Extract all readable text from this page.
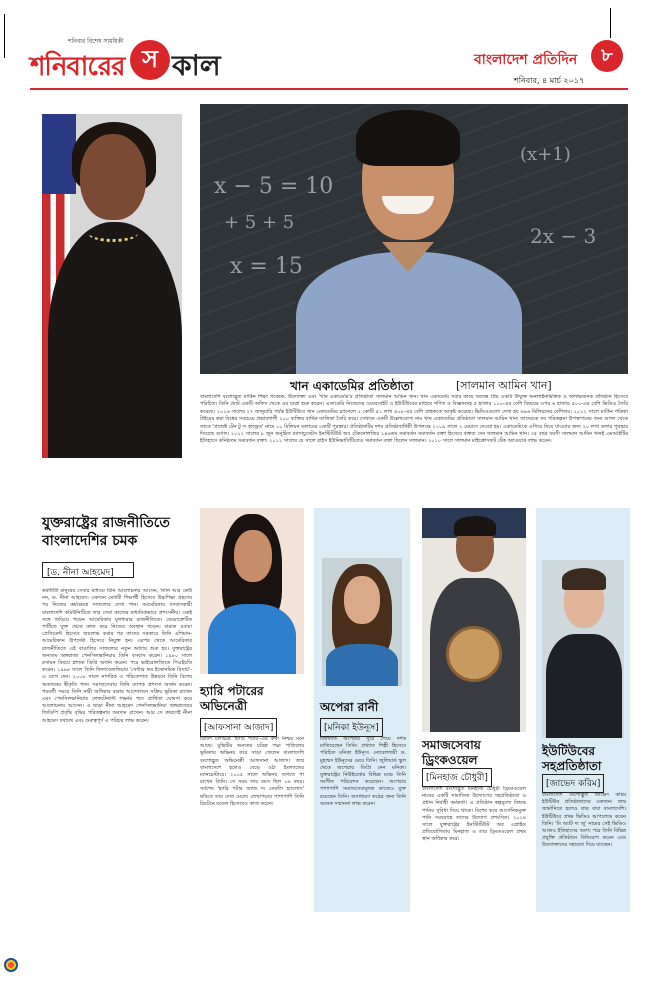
শনিবার বিশেষ সাময়িকী
শনিবারের স কাল	বাংলাদেশ প্রতিদিন	৮
শনিবার, ৪ মার্চ ২০১৭
যুক্তরাষ্ট্রের রাজনীতিতে বাংলাদেশির চমক
[ড. নীনা আহমেদ]
কর্মজীবী মানুষের সেবার মাধ্যমে যিনি আলোচনায় আসেন, তিনি আর কেউ নন, ড. নীনা আহমেদ। একজন মেধাবী শিক্ষার্থী হিসেবে উচ্চশিক্ষা গ্রহণের পর নিজের কর্মক্ষেত্রে সাফল্যের দেখা পান। আমেরিকায় বসবাসকারী বাংলাদেশি কমিউনিটিতে তার সেবা কাজের মাধ্যমিকভাবে প্রশংসনীয়। একই সঙ্গে জড়িয়ে পড়েন আমেরিকার মূলধারার রাজনীতিতে। ডেমোক্রেটিক পার্টিতে যুক্ত থেকে কাজ করে নিজের অবস্থান গড়েন। বারাক ওবামা প্রেসিডেন্ট হিসেবে জয়লাভ করার পর তাদের সরকারে তিনি এশিয়ান-আমেরিকান উপদেষ্টা হিসেবে নিযুক্ত হন। এরপর থেকে আমেরিকার রাজনীতিতে এই বাঙালির সাফল্যের নতুন অধ্যায় শুরু হয়। যুক্তরাষ্ট্রের অন্যতম অঙ্গরাজ্য পেনসিলভানিয়ায় তিনি বসবাস করেন। ১৯৮০ সালে রসায়ন বিষয়ে স্নাতক ডিগ্রি অর্জন করেন। পরে ভাইরোলজিতে পিএইচডি করেন। ১৯৯৪ সালে তিনি ফিলাডেলফিয়ার 'সেন্টার ফর ইকোনমিক রিসার্চ'-এ যোগ দেন। ২০০৮ সালে নাগরিক ও পরিবেশগত উন্নয়নে তিনি বিশেষ অবদানের স্বীকৃতি পান। সমাজসেবায় তিনি ব্যাপক প্রশংসা অর্জন করেন। পরবর্তী সময়ে তিনি নারী অধিকার রক্ষার আন্দোলনে সক্রিয় ভূমিকা রাখেন এবং পেনসিলভানিয়ার লেফটেন্যান্ট গভর্নর পদে প্রার্থিতা ঘোষণা করে আলোচনায় আসেন। এ ছাড়া নীনা আহমেদ পেনসিলভানিয়া অঙ্গরাজ্যের জিডিপি প্রবৃদ্ধি বৃদ্ধির পরিকল্পনায় অবদান রাখেন। আর সে কারণেই নীনা আহমেদ যথাযথ এবং গুরুত্বপূর্ণ এ পরিচয় লাভ করেন।
x − 5 = 10
+ 5 + 5
x = 15
(x+1)
2x − 3
খান একাডেমির প্রতিষ্ঠাতা	[সালমান আমিন খান]
বাংলাদেশি বংশোদ্ভূত মার্কিন শিক্ষা গবেষক, উদ্যোক্তা এবং 'খান একাডেমি'র প্রতিষ্ঠাতা সালমান আমিন খান। খান একাডেমি সবার কাছে অত্যন্ত প্রিয় একটি উন্মুক্ত অনলাইনভিত্তিক ও অলাভজনক প্রতিষ্ঠান হিসেবে পরিচিত। তিনি ছোট একটি অফিস থেকে এর যাত্রা শুরু করেন। একাডেমি নিজেদের ওয়েবসাইট ও ইউটিউবের মাধ্যমে গণিত ও বিজ্ঞানসহ ৫ হাজার ১০০-এর বেশি বিষয়ের ওপর ৬ হাজার ৫০০-এর বেশি ভিডিও তৈরি করেছে। ২০১৬ সালের ২৭ জানুয়ারি পর্যন্ত ইউটিউবে খান একাডেমির চ্যানেলে ২ কোটি ৫১ লাখ ৪০৮-এর বেশি গ্রাহককে আকৃষ্ট করেছে। ভিডিওগুলো দেখা হয় ৬৯৬ মিলিয়নের বেশিবার। ২০১২ সালে মার্কিন পত্রিকা টাইমের করা বিশ্বের সবচেয়ে প্রভাবশালী ১০০ ব্যক্তির বার্ষিক তালিকা তৈরি করে। সেখানে একটি উল্লেখযোগ্য নাম খান একাডেমির প্রতিষ্ঠাতা সালমান আমিন খান। তাদেরকে সব পরিকল্পনা উপস্থাপনের জন্য গুগল থেকে তাকে 'প্রজেক্ট টেন টু দ্য হান্ড্রেড' নামে ১০ মিলিয়ন ডলারের একটি পুরস্কার। প্রতিষ্ঠানটির দশম প্রতিষ্ঠাবার্ষিকী উপলক্ষে ২০০৯ সালে ২ মেয়াদে দেওয়া হয়। একাডেমিকে এগিয়ে নিয়ে যাওয়ার জন্য ২০ লাখ ডলার পুরস্কার দিয়েছে গুগল। ২০১২ সালের ৮ জুন অনুষ্ঠিত ম্যাসাচুসেটস ইনস্টিটিউট অব টেকনোলজির ১৪৬তম সমাবর্তন সমাবর্তন বক্তা হিসেবে বক্তব্য দেন সালমান আমিন খান। ৩৫ বছর বয়সী সালমান আমিন খানই এমআইটির ইতিহাসে কনিষ্ঠতম সমাবর্তন বক্তা। ২০১২ সালের যে সালে রাইস ইউনিভার্সিটিতেও সমাবর্তন বক্তা ছিলেন সালমান। ২০১০ সালে সালমান মাইক্রোসফট টেক অ্যাওয়ার্ড লাভ করেন।
হ্যারি পটারের অভিনেত্রী
[আফসানা আজাদ]
ব্রিটিশ চলচ্চিত্র 'হ্যারি পটার'-এর কথা নিশ্চয় মনে আছে। মুভিটির অন্যতম চরিত্র পদ্মা পাতিলের ভূমিকায় অভিনয় করে সাড়া ফেলেন বাংলাদেশি বংশোদ্ভূত অভিনেত্রী আফসানা আজাদ। জন্ম বাংলাদেশে হলেও বেড়ে ওঠা ইংল্যান্ডের ম্যানচেস্টারে। ২০০৫ সালে অভিনয় জগতে পা রাখেন তিনি। সে সময় তার বয়স ছিল ১৬ বছর। সর্বশেষ 'হ্যারি পটার অ্যান্ড দ্য ডেথলি হ্যালোস' ছবিতে তার দেখা মেলে। লেখাপড়ার পাশাপাশি তিনি ব্রিটেনে মডেল হিসেবেও কাজ করেন।
অপেরা রানী
[মনিকা ইউনূস]
বিশ্বখ্যাত অপেরার সুরে গেয়ে দর্শক মাতিয়েছেন তিনি। প্রখ্যাত শিল্পী হিসেবে পরিচিত মনিকা ইউনূস। নোবেলজয়ী ড. মুহাম্মদ ইউনূসের মেয়ে তিনি। জুলিয়ার্ড স্কুল থেকে অপেরায় ডিগ্রি নেন মনিকা। যুক্তরাষ্ট্রের নিউইয়র্কের বিভিন্ন মঞ্চে তিনি সংগীত পরিবেশন করেছেন। অপেরার পাশাপাশি সমাজসেবামূলক কাজেও যুক্ত রয়েছেন তিনি। অসাধারণ কণ্ঠের জন্য তিনি অনেক সম্মাননা লাভ করেন।
সমাজসেবায় ড্রিংকওয়েল
[মিনহাজ চৌধুরী]
বাংলাদেশি বংশোদ্ভূত মিনহাজ চৌধুরী ড্রিংকওয়েল নামের একটি সামাজিক উদ্যোগের সহপ্রতিষ্ঠাতা ও প্রধান নির্বাহী কর্মকর্তা। এ প্রতিষ্ঠান স্বল্পমূল্যে বিশুদ্ধ পানির সুবিধা দিয়ে থাকে। বিশেষ করে আর্সেনিকমুক্ত পানি সরবরাহে তাদের উদ্যোগ প্রশংসিত। ২০১৪ সালে যুক্তরাষ্ট্রের ইনস্টিটিউট অব এপ্লাইড প্রতিযোগিতায় মিনহাজ ও তার ড্রিংকওয়েল প্রথম স্থান অধিকার করে।
ইউটিউবের সহপ্রতিষ্ঠাতা
[জাভেদ করিম]
বাংলাদেশি বংশোদ্ভূত জাভেদ করিম ইউটিউব প্রতিষ্ঠাতাদের একজন। জন্ম জার্মানিতে হলেও তার বাবা বাংলাদেশি। ইউটিউবে প্রথম ভিডিও আপলোড করেন তিনি। 'মি অ্যাট দ্য জু' নামের সেই ভিডিও আজও ইতিহাসের অংশ। পরে তিনি বিভিন্ন প্রযুক্তি প্রতিষ্ঠানে বিনিয়োগ করেন এবং উদ্যোক্তাদের সহায়তা দিয়ে যাচ্ছেন।
